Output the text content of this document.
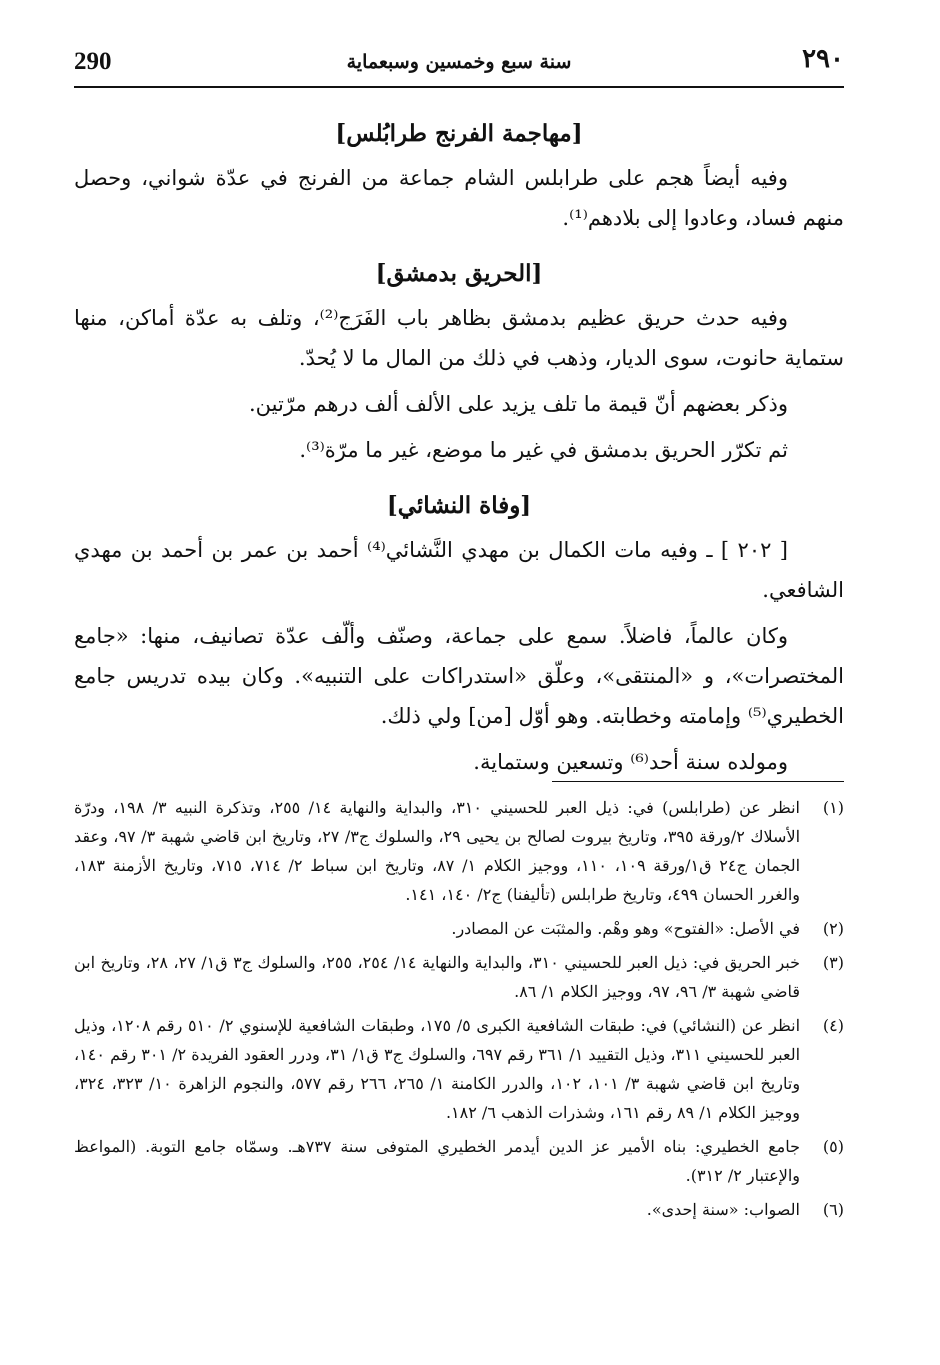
290	سنة سبع وخمسين وسبعماية	٢٩٠
[مهاجمة الفرنج طرابُلس]

وفيه أيضاً هجم على طرابلس الشام جماعة من الفرنج في عدّة شواني، وحصل منهم فساد، وعادوا إلى بلادهم⁽¹⁾.

[الحريق بدمشق]

وفيه حدث حريق عظيم بدمشق بظاهر باب الفَرَج⁽²⁾، وتلف به عدّة أماكن، منها ستماية حانوت، سوى الديار، وذهب في ذلك من المال ما لا يُحدّ.

وذكر بعضهم أنّ قيمة ما تلف يزيد على الألف ألف درهم مرّتين.

ثم تكرّر الحريق بدمشق في غير ما موضع، غير ما مرّة⁽³⁾.

[وفاة النشائي]

[ ٢٠٢ ] ـ وفيه مات الكمال بن مهدي النَّشائي⁽⁴⁾ أحمد بن عمر بن أحمد بن مهدي الشافعي.

وكان عالماً، فاضلاً. سمع على جماعة، وصنّف وألّف عدّة تصانيف، منها: «جامع المختصرات»، و «المنتقى»، وعلّق «استدراكات على التنبيه». وكان بيده تدريس جامع الخطيري⁽⁵⁾ وإمامته وخطابته. وهو أوّل [من] ولي ذلك.

ومولده سنة أحد⁽⁶⁾ وتسعين وستماية.

(١)
انظر عن (طرابلس) في: ذيل العبر للحسيني ٣١٠، والبداية والنهاية ١٤/ ٢٥٥، وتذكرة النبيه ٣/ ١٩٨، ودرّة الأسلاك ٢/ورقة ٣٩٥، وتاريخ بيروت لصالح بن يحيى ٢٩، والسلوك ج٣/ ٢٧، وتاريخ ابن قاضي شهبة ٣/ ٩٧، وعقد الجمان ج٢٤ ق١/ورقة ١٠٩، ١١٠، ووجيز الكلام ١/ ٨٧، وتاريخ ابن سباط ٢/ ٧١٤، ٧١٥، وتاريخ الأزمنة ١٨٣، والغرر الحسان ٤٩٩، وتاريخ طرابلس (تأليفنا) ج٢/ ١٤٠، ١٤١.
(٢)
في الأصل: «الفتوح» وهو وهْم. والمثبَت عن المصادر.
(٣)
خبر الحريق في: ذيل العبر للحسيني ٣١٠، والبداية والنهاية ١٤/ ٢٥٤، ٢٥٥، والسلوك ج٣ ق١/ ٢٧، ٢٨، وتاريخ ابن قاضي شهبة ٣/ ٩٦، ٩٧، ووجيز الكلام ١/ ٨٦.
(٤)
انظر عن (النشائي) في: طبقات الشافعية الكبرى ٥/ ١٧٥، وطبقات الشافعية للإسنوي ٢/ ٥١٠ رقم ١٢٠٨، وذيل العبر للحسيني ٣١١، وذيل التقييد ١/ ٣٦١ رقم ٦٩٧، والسلوك ج٣ ق١/ ٣١، ودرر العقود الفريدة ٢/ ٣٠١ رقم ١٤٠، وتاريخ ابن قاضي شهبة ٣/ ١٠١، ١٠٢، والدرر الكامنة ١/ ٢٦٥، ٢٦٦ رقم ٥٧٧، والنجوم الزاهرة ١٠/ ٣٢٣، ٣٢٤، ووجيز الكلام ١/ ٨٩ رقم ١٦١، وشذرات الذهب ٦/ ١٨٢.
(٥)
جامع الخطيري: بناه الأمير عز الدين أيدمر الخطيري المتوفى سنة ٧٣٧هـ. وسمّاه جامع التوبة. (المواعظ والإعتبار ٢/ ٣١٢).
(٦)
الصواب: «سنة إحدى».
